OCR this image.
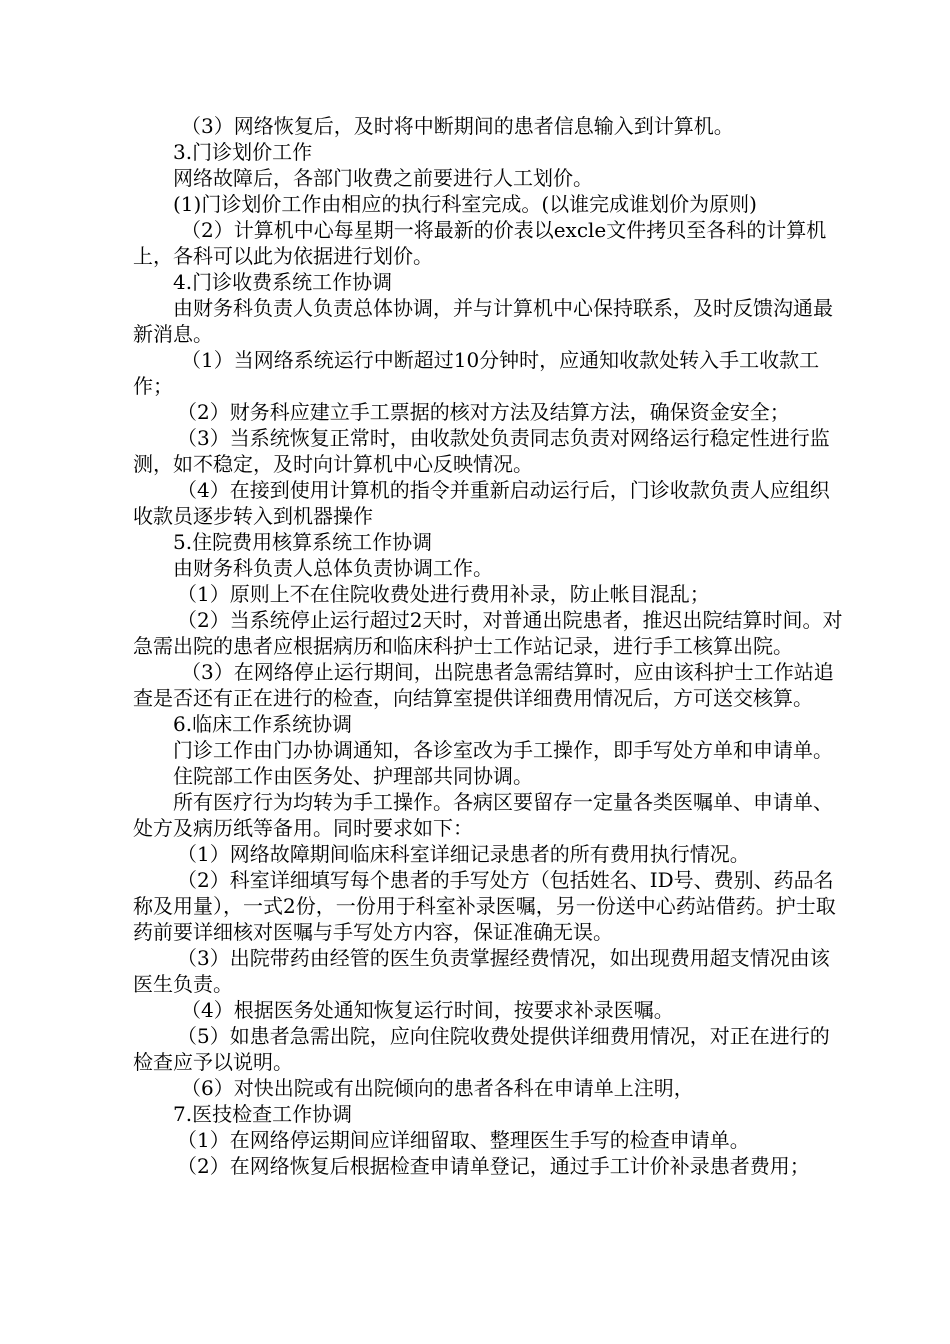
（3）网络恢复后，及时将中断期间的患者信息输入到计算机。

3.门诊划价工作

网络故障后，各部门收费之前要进行人工划价。

(1)门诊划价工作由相应的执行科室完成。(以谁完成谁划价为原则)

（2）计算机中心每星期一将最新的价表以excle文件拷贝至各科的计算机上，各科可以此为依据进行划价。

4.门诊收费系统工作协调

由财务科负责人负责总体协调，并与计算机中心保持联系，及时反馈沟通最新消息。

（1）当网络系统运行中断超过10分钟时，应通知收款处转入手工收款工作；

（2）财务科应建立手工票据的核对方法及结算方法，确保资金安全；

（3）当系统恢复正常时，由收款处负责同志负责对网络运行稳定性进行监测，如不稳定，及时向计算机中心反映情况。

（4）在接到使用计算机的指令并重新启动运行后，门诊收款负责人应组织收款员逐步转入到机器操作

5.住院费用核算系统工作协调

由财务科负责人总体负责协调工作。

（1）原则上不在住院收费处进行费用补录，防止帐目混乱；

（2）当系统停止运行超过2天时，对普通出院患者，推迟出院结算时间。对急需出院的患者应根据病历和临床科护士工作站记录，进行手工核算出院。

（3）在网络停止运行期间，出院患者急需结算时，应由该科护士工作站追查是否还有正在进行的检查，向结算室提供详细费用情况后，方可送交核算。

6.临床工作系统协调

门诊工作由门办协调通知，各诊室改为手工操作，即手写处方单和申请单。

住院部工作由医务处、护理部共同协调。

所有医疗行为均转为手工操作。各病区要留存一定量各类医嘱单、申请单、处方及病历纸等备用。同时要求如下：

（1）网络故障期间临床科室详细记录患者的所有费用执行情况。

（2）科室详细填写每个患者的手写处方（包括姓名、ID号、费别、药品名称及用量），一式2份，一份用于科室补录医嘱，另一份送中心药站借药。护士取药前要详细核对医嘱与手写处方内容，保证准确无误。

（3）出院带药由经管的医生负责掌握经费情况，如出现费用超支情况由该医生负责。

（4）根据医务处通知恢复运行时间，按要求补录医嘱。

（5）如患者急需出院，应向住院收费处提供详细费用情况，对正在进行的检查应予以说明。

（6）对快出院或有出院倾向的患者各科在申请单上注明，

7.医技检查工作协调

（1）在网络停运期间应详细留取、整理医生手写的检查申请单。

（2）在网络恢复后根据检查申请单登记，通过手工计价补录患者费用；
